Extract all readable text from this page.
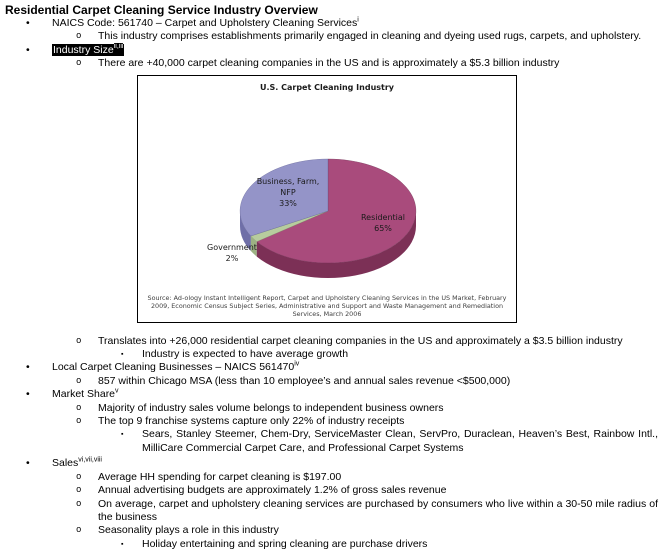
Residential Carpet Cleaning Service Industry Overview
• NAICS Code: 561740 – Carpet and Upholstery Cleaning Services$^i$
o This industry comprises establishments primarily engaged in cleaning and dyeing used rugs, carpets, and upholstery.
• Industry Size$^{ii,iii}$
o There are +40,000 carpet cleaning companies in the US and is approximately a $5.3 billion industry
U.S. Carpet Cleaning Industry
Business, Farm,
NFP
33%
Residential
65%
Government
2%
Source: Ad-ology Instant Intelligent Report, Carpet and Upholstery Cleaning Services in the US Market, February 2009, Economic Census Subject Series, Administrative and Support and Waste Management and Remediation Services, March 2006
o Translates into +26,000 residential carpet cleaning companies in the US and approximately a $3.5 billion industry
▪ Industry is expected to have average growth
• Local Carpet Cleaning Businesses – NAICS 561470$^{iv}$
o 857 within Chicago MSA (less than 10 employee’s and annual sales revenue <$500,000)
• Market Share$^v$
o Majority of industry sales volume belongs to independent business owners
o The top 9 franchise systems capture only 22% of industry receipts
▪ Sears, Stanley Steemer, Chem-Dry, ServiceMaster Clean, ServPro, Duraclean, Heaven’s Best, Rainbow Intl., MilliCare Commercial Carpet Care, and Professional Carpet Systems
• Sales$^{vi,vii,viii}$
o Average HH spending for carpet cleaning is $197.00
o Annual advertising budgets are approximately 1.2% of gross sales revenue
o On average, carpet and upholstery cleaning services are purchased by consumers who live within a 30-50 mile radius of the business
o Seasonality plays a role in this industry
▪ Holiday entertaining and spring cleaning are purchase drivers
